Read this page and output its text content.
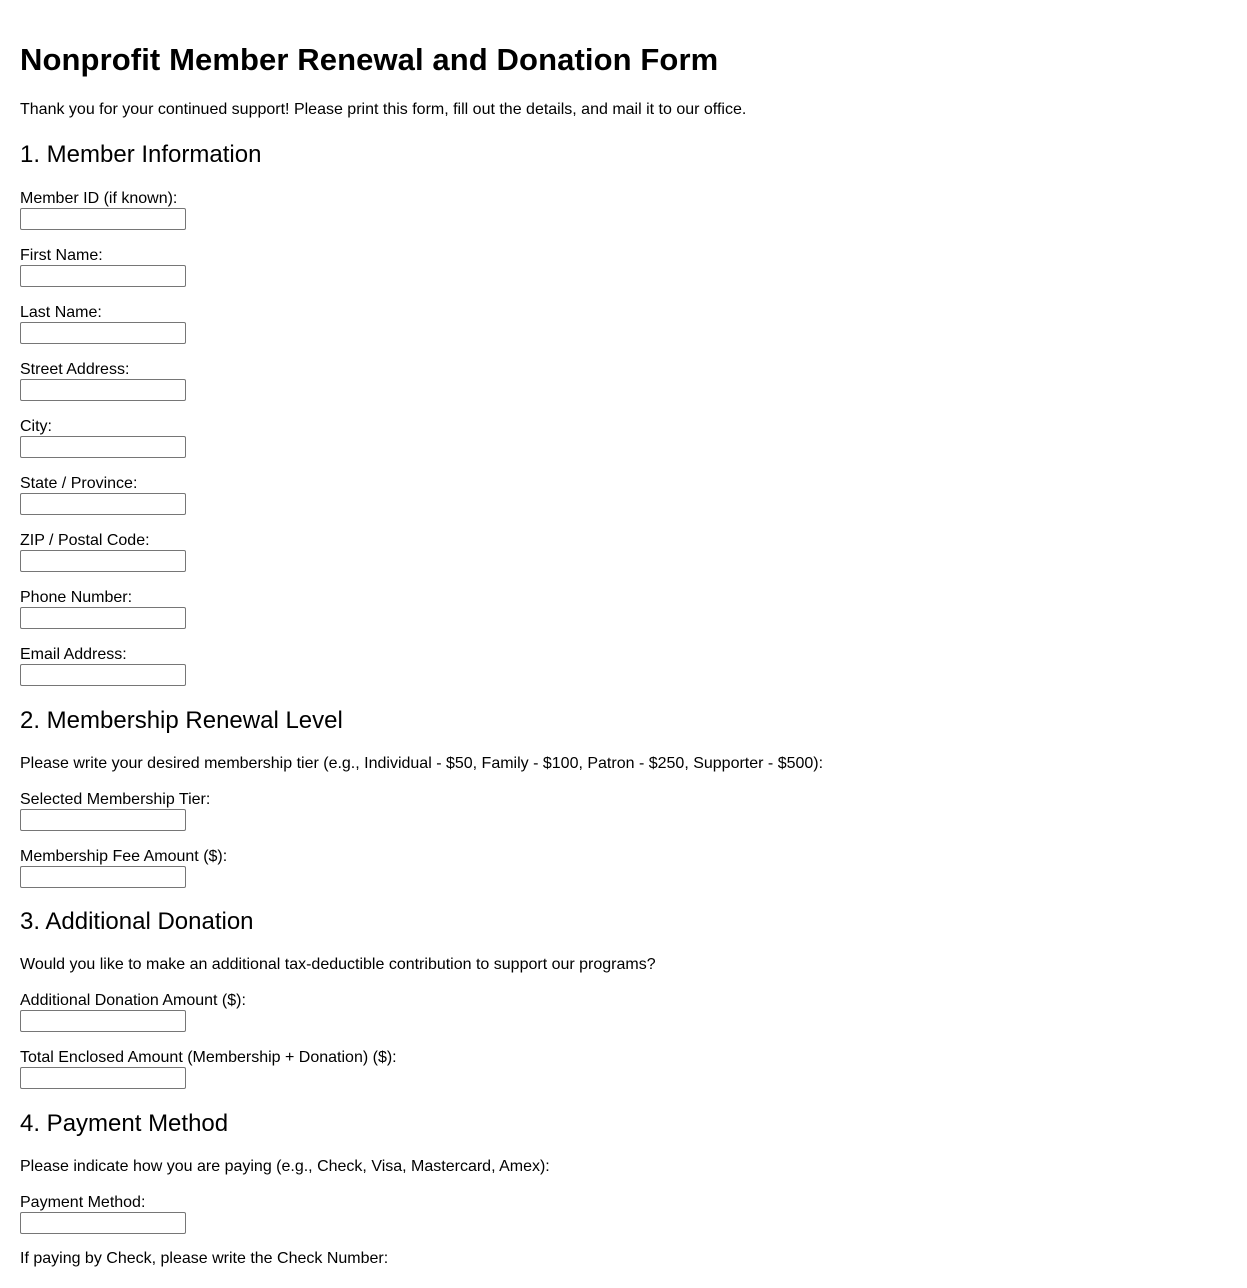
Nonprofit Member Renewal and Donation Form
Thank you for your continued support! Please print this form, fill out the details, and mail it to our office.
1. Member Information
Member ID (if known):
First Name:
Last Name:
Street Address:
City:
State / Province:
ZIP / Postal Code:
Phone Number:
Email Address:
2. Membership Renewal Level
Please write your desired membership tier (e.g., Individual - $50, Family - $100, Patron - $250, Supporter - $500):
Selected Membership Tier:
Membership Fee Amount ($):
3. Additional Donation
Would you like to make an additional tax-deductible contribution to support our programs?
Additional Donation Amount ($):
Total Enclosed Amount (Membership + Donation) ($):
4. Payment Method
Please indicate how you are paying (e.g., Check, Visa, Mastercard, Amex):
Payment Method:
If paying by Check, please write the Check Number:
